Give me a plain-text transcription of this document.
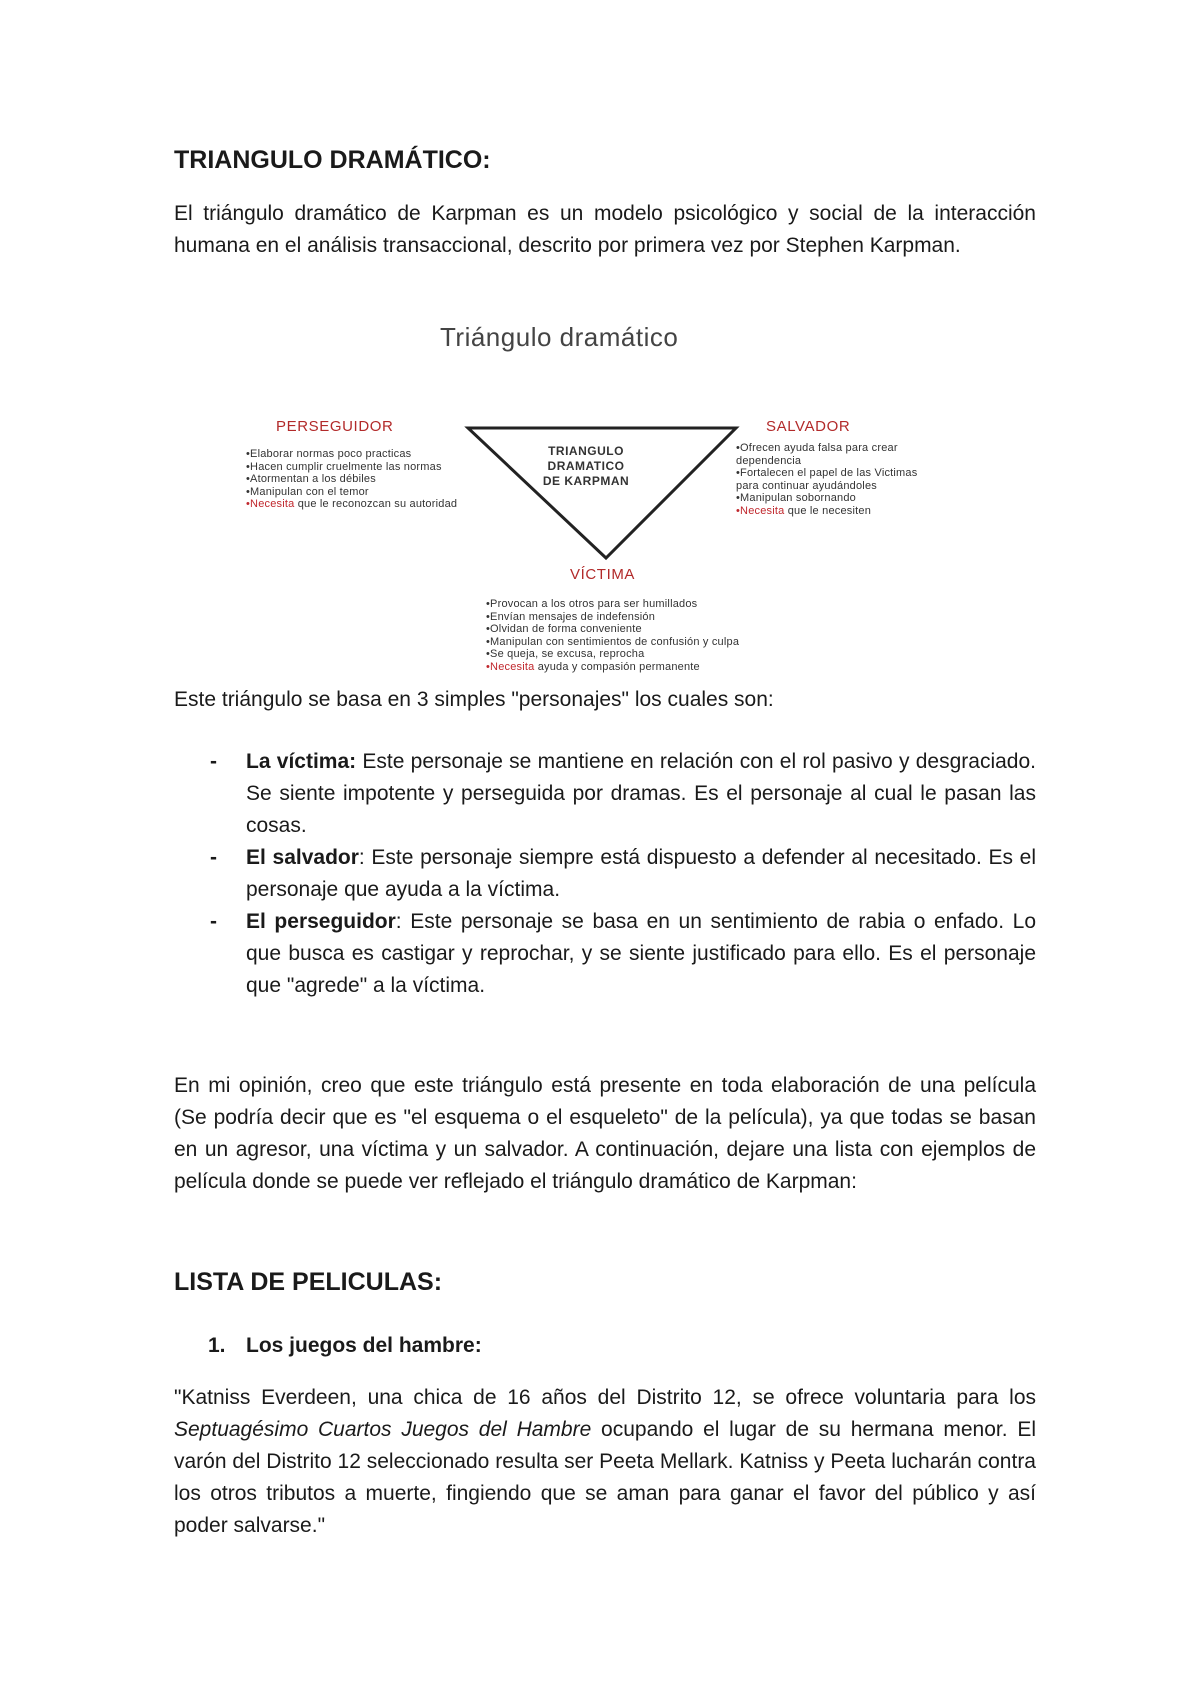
TRIANGULO DRAMÁTICO:

El triángulo dramático de Karpman es un modelo psicológico y social de la interacción humana en el análisis transaccional, descrito por primera vez por Stephen Karpman.

Triángulo dramático
PERSEGUIDOR	SALVADOR
VÍCTIMA
TRIANGULO
DRAMATICO
DE KARPMAN
•Elaborar normas poco practicas
•Hacen cumplir cruelmente las normas
•Atormentan a los débiles
•Manipulan con el temor
•Necesita que le reconozcan su autoridad
•Ofrecen ayuda falsa para crear
dependencia
•Fortalecen el papel de las Victimas
para continuar ayudándoles
•Manipulan sobornando
•Necesita que le necesiten
•Provocan a los otros para ser humillados
•Envían mensajes de indefensión
•Olvidan de forma conveniente
•Manipulan con sentimientos de confusión y culpa
•Se queja, se excusa, reprocha
•Necesita ayuda y compasión permanente

Este triángulo se basa en 3 simples "personajes" los cuales son:

- La víctima: Este personaje se mantiene en relación con el rol pasivo y desgraciado. Se siente impotente y perseguida por dramas. Es el personaje al cual le pasan las cosas.

- El salvador: Este personaje siempre está dispuesto a defender al necesitado. Es el personaje que ayuda a la víctima.

- El perseguidor: Este personaje se basa en un sentimiento de rabia o enfado. Lo que busca es castigar y reprochar, y se siente justificado para ello. Es el personaje que "agrede" a la víctima.

En mi opinión, creo que este triángulo está presente en toda elaboración de una película (Se podría decir que es "el esquema o el esqueleto" de la película), ya que todas se basan en un agresor, una víctima y un salvador. A continuación, dejare una lista con ejemplos de película donde se puede ver reflejado el triángulo dramático de Karpman:

LISTA DE PELICULAS:
1. Los juegos del hambre:

"Katniss Everdeen, una chica de 16 años del Distrito 12, se ofrece voluntaria para los Septuagésimo Cuartos Juegos del Hambre ocupando el lugar de su hermana menor. El varón del Distrito 12 seleccionado resulta ser Peeta Mellark. Katniss y Peeta lucharán contra los otros tributos a muerte, fingiendo que se aman para ganar el favor del público y así poder salvarse."
